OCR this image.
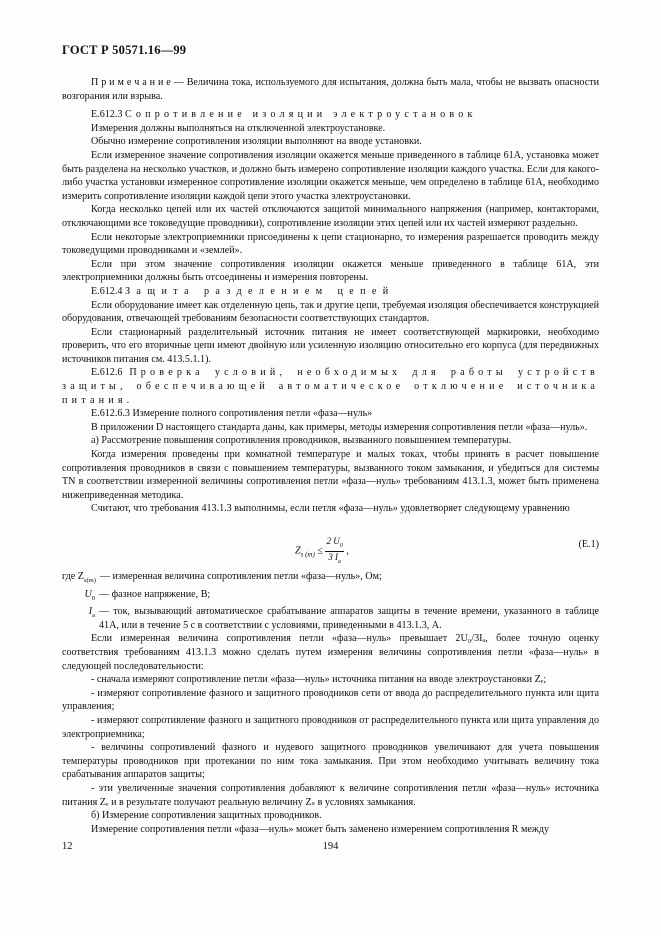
ГОСТ Р 50571.16—99

П р и м е ч а н и е — Величина тока, используемого для испытания, должна быть мала, чтобы не вызвать опасности возгорания или взрыва.

Е.612.3 Сопротивление изоляции электроустановок

Измерения должны выполняться на отключенной электроустановке.

Обычно измерение сопротивления изоляции выполняют на вводе установки.

Если измеренное значение сопротивления изоляции окажется меньше приведенного в таблице 61А, установка может быть разделена на несколько участков, и должно быть измерено сопротивление изоляции каждого участка. Если для какого-либо участка установки измеренное сопротивление изоляции окажется меньше, чем определено в таблице 61А, необходимо измерить сопротивление изоляции каждой цепи этого участка электроустановки.

Когда несколько цепей или их частей отключаются защитой минимального напряжения (например, контакторами, отключающими все токоведущие проводники), сопротивление изоляции этих цепей или их частей измеряют раздельно.

Если некоторые электроприемники присоединены к цепи стационарно, то измерения разрешается проводить между токоведущими проводниками и «землей».

Если при этом значение сопротивления изоляции окажется меньше приведенного в таблице 61А, эти электроприемники должны быть отсоединены и измерения повторены.

Е.612.4 Защита разделением цепей

Если оборудование имеет как отделенную цепь, так и другие цепи, требуемая изоляция обеспечивается конструкцией оборудования, отвечающей требованиям безопасности соответствующих стандартов.

Если стационарный разделительный источник питания не имеет соответствующей маркировки, необходимо проверить, что его вторичные цепи имеют двойную или усиленную изоляцию относительно его корпуса (для передвижных источников питания см. 413.5.1.1).

Е.612.6 Проверка условий, необходимых для работы устройств защиты, обеспечивающей автоматическое отключение источника питания.

Е.612.6.3 Измерение полного сопротивления петли «фаза—нуль»

В приложении D настоящего стандарта даны, как примеры, методы измерения сопротивления петли «фаза—нуль».

а) Рассмотрение повышения сопротивления проводников, вызванного повышением температуры.

Когда измерения проведены при комнатной температуре и малых токах, чтобы принять в расчет повышение сопротивления проводников в связи с повышением температуры, вызванного током замыкания, и убедиться для системы TN в соответствии измеренной величины сопротивления петли «фаза—нуль» требованиям 413.1.3, может быть применена нижеприведенная методика.

Считают, что требования 413.1.3 выполнимы, если петля «фаза—нуль» удовлетворяет следующему уравнению

$Z_{s (m)} \le \frac{2 U_0}{3 I_a}$ ,
(Е.1)
где $Z_{s(m)}$ — измеренная величина сопротивления петли «фаза—нуль», Ом;
$U_0$ — фазное напряжение, В;
$I_a$ — ток, вызывающий автоматическое срабатывание аппаратов защиты в течение времени, указанного в таблице 41А, или в течение 5 с в соответствии с условиями, приведенными в 413.1.3, А.

Если измеренная величина сопротивления петли «фаза—нуль» превышает 2U₀/3Iₐ, более точную оценку соответствия требованиям 413.1.3 можно сделать путем измерения величины сопротивления петли «фаза—нуль» в следующей последовательности:

- сначала измеряют сопротивление петли «фаза—нуль» источника питания на вводе электроустановки Zₑ;

- измеряют сопротивление фазного и защитного проводников сети от ввода до распределительного пункта или щита управления;

- измеряют сопротивление фазного и защитного проводников от распределительного пункта или щита управления до электроприемника;

- величины сопротивлений фазного и нудевого защитного проводников увеличивают для учета повышения температуры проводников при протекании по ним тока замыкания. При этом необходимо учитывать величину тока срабатывания аппаратов защиты;

- эти увеличенные значения сопротивления добавляют к величине сопротивления петли «фаза—нуль» источника питания Zₑ и в результате получают реальную величину Zₛ в условиях замыкания.

б) Измерение сопротивления защитных проводников.

Измерение сопротивления петли «фаза—нуль» может быть заменено измерением сопротивления R между

12	194
